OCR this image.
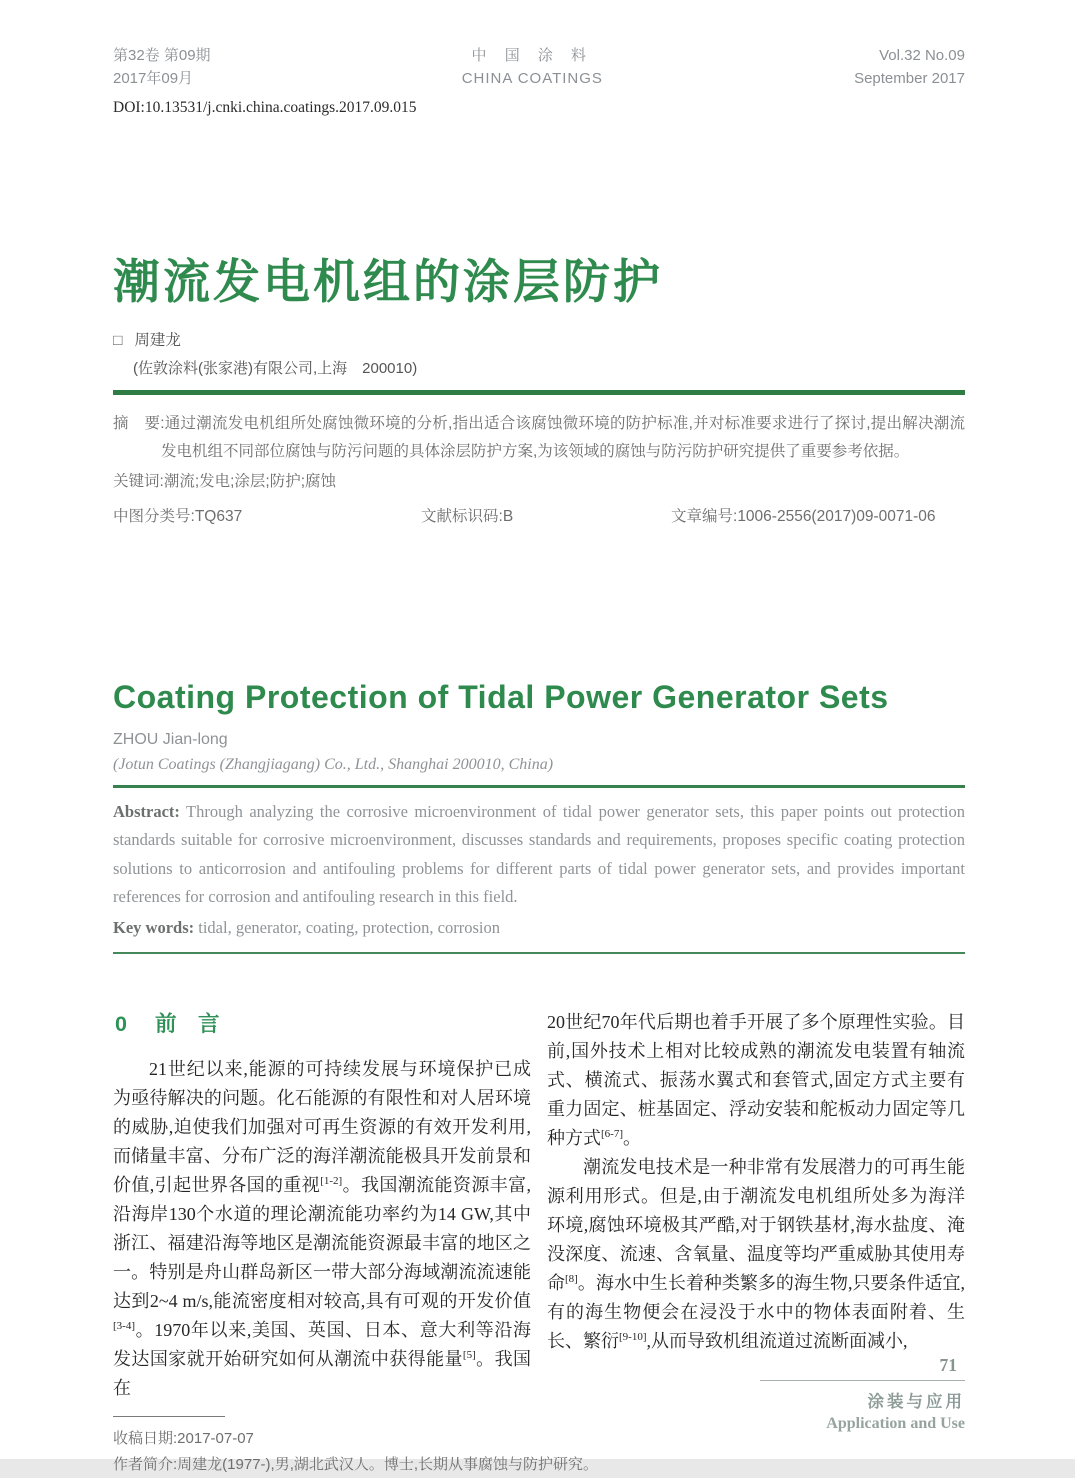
第32卷 第09期
2017年09月
中 国 涂 料
CHINA COATINGS
Vol.32 No.09
September 2017
DOI:10.13531/j.cnki.china.coatings.2017.09.015
潮流发电机组的涂层防护
□ 周建龙
(佐敦涂料(张家港)有限公司,上海　200010)

摘　要:通过潮流发电机组所处腐蚀微环境的分析,指出适合该腐蚀微环境的防护标准,并对标准要求进行了探讨,提出解决潮流发电机组不同部位腐蚀与防污问题的具体涂层防护方案,为该领域的腐蚀与防污防护研究提供了重要参考依据。

关键词:潮流;发电;涂层;防护;腐蚀
中图分类号:TQ637	文献标识码:B	文章编号:1006-2556(2017)09-0071-06
Coating Protection of Tidal Power Generator Sets
ZHOU Jian-long
(Jotun Coatings (Zhangjiagang) Co., Ltd., Shanghai 200010, China)

Abstract: Through analyzing the corrosive microenvironment of tidal power generator sets, this paper points out protection standards suitable for corrosive microenvironment, discusses standards and requirements, proposes specific coating protection solutions to anticorrosion and antifouling problems for different parts of tidal power generator sets, and provides important references for corrosion and antifouling research in this field.

Key words: tidal, generator, coating, protection, corrosion
0 前　言

21世纪以来,能源的可持续发展与环境保护已成为亟待解决的问题。化石能源的有限性和对人居环境的威胁,迫使我们加强对可再生资源的有效开发利用,而储量丰富、分布广泛的海洋潮流能极具开发前景和价值,引起世界各国的重视[1-2]。我国潮流能资源丰富,沿海岸130个水道的理论潮流能功率约为14 GW,其中浙江、福建沿海等地区是潮流能资源最丰富的地区之一。特别是舟山群岛新区一带大部分海域潮流流速能达到2~4 m/s,能流密度相对较高,具有可观的开发价值[3-4]。1970年以来,美国、英国、日本、意大利等沿海发达国家就开始研究如何从潮流中获得能量[5]。我国在

20世纪70年代后期也着手开展了多个原理性实验。目前,国外技术上相对比较成熟的潮流发电装置有轴流式、横流式、振荡水翼式和套管式,固定方式主要有重力固定、桩基固定、浮动安装和舵板动力固定等几种方式[6-7]。

潮流发电技术是一种非常有发展潜力的可再生能源利用形式。但是,由于潮流发电机组所处多为海洋环境,腐蚀环境极其严酷,对于钢铁基材,海水盐度、淹没深度、流速、含氧量、温度等均严重威胁其使用寿命[8]。海水中生长着种类繁多的海生物,只要条件适宜,有的海生物便会在浸没于水中的物体表面附着、生长、繁衍[9-10],从而导致机组流道过流断面减小,

收稿日期:2017-07-07
作者简介:周建龙(1977-),男,湖北武汉人。博士,长期从事腐蚀与防护研究。
71
涂装与应用
Application and Use
